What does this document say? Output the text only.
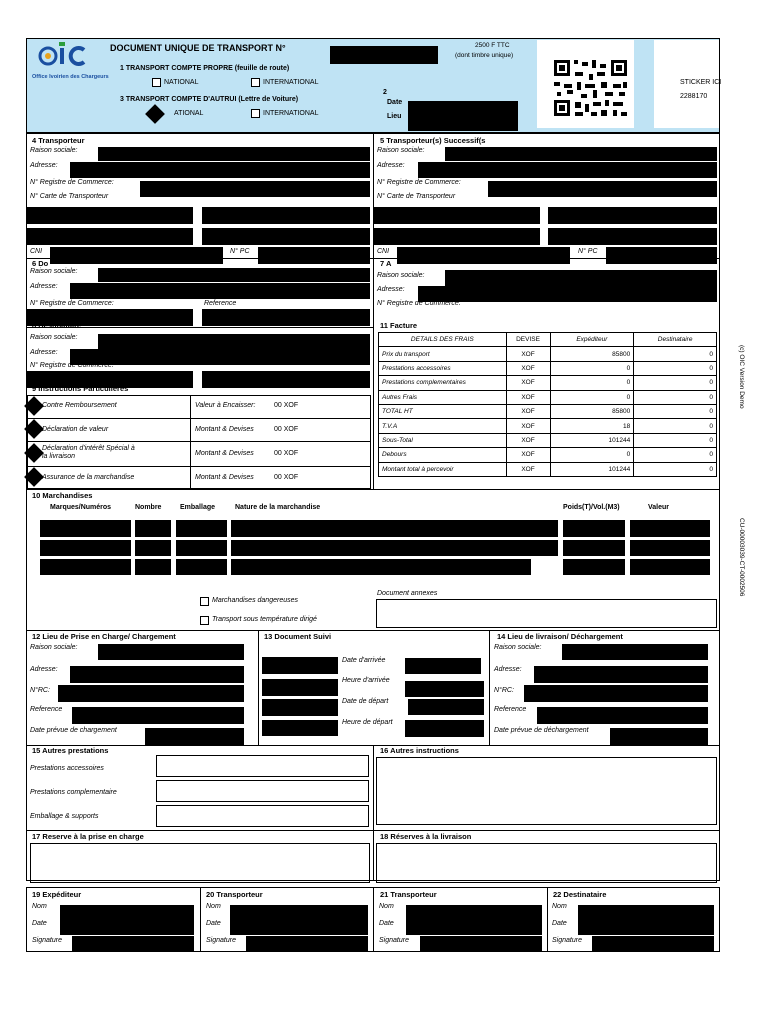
Office Ivoirien des Chargeurs
DOCUMENT UNIQUE DE TRANSPORT N°	2500 F TTC
(dont timbre unique)
1 TRANSPORT COMPTE PROPRE (feuille de route)
NATIONAL	INTERNATIONAL
3 TRANSPORT COMPTE D'AUTRUI (Lettre de Voiture)
ATIONAL	INTERNATIONAL
2
Date
Lieu
STICKER ICI
2288170
4 Transporteur
Raison sociale:
Adresse:
N° Registre de Commerce:
N° Carte de Transporteur
CNI	N° PC
5 Transporteur(s) Successif(s
Raison sociale:
Adresse:
N° Registre de Commerce:
N° Carte de Transporteur
CNI	N° PC
6 Do
Raison sociale:
Adresse:
N° Registre de Commerce:	Reference
7 A
Raison sociale:
Adresse:
N° Registre de Commerce:
8 Destinataire
Raison sociale:
Adresse:
N° Registre de Commerce:
11 Facture
DETAILS DES FRAIS	DEVISE	Expéditeur	Destinataire
Prix du transport	XOF	85800	0
Prestations accessoires	XOF	0	0
Prestations complementaires	XOF	0	0
Autres Frais	XOF	0	0
TOTAL HT	XOF	85800	0
T.V.A	XOF	18	0
Sous-Total	XOF	101244	0
Debours	XOF	0	0
Montant total à percevoir	XOF	101244	0
9 Instructions Particulières
Contre Remboursement	Valeur à Encaisser:	00 XOF
Déclaration de valeur	Montant & Devises	00 XOF
Déclaration d'intérêt Spécial à la livraison	Montant & Devises	00 XOF
Assurance de la marchandise	Montant & Devises	00 XOF
10 Marchandises
Marques/Numéros	Nombre	Emballage	Nature de la marchandise	Poids(T)/Vol.(M3)	Valeur
Marchandises dangereuses
Transport sous température dirigé
Document annexes
12 Lieu de Prise en Charge/ Chargement
Raison sociale:
Adresse:
N°RC:
Reference
Date prévue de chargement
13 Document Suivi
Date d'arrivée
Heure d'arrivée
Date de départ
Heure de départ
14 Lieu de livraison/ Déchargement
Raison sociale:
Adresse:
N°RC:
Reference
Date prévue de déchargement
15 Autres prestations
Prestations accessoires
Prestations complementaire
Emballage & supports
16 Autres instructions
17 Reserve à la prise en charge	18 Réserves à la livraison
19 Expéditeur
Nom
Date
Signature
20 Transporteur
Nom
Date
Signature
21 Transporteur
Nom
Date
Signature
22 Destinataire
Nom
Date
Signature
(c) OIC Version Demo
CU-00003039-CT-0002506
